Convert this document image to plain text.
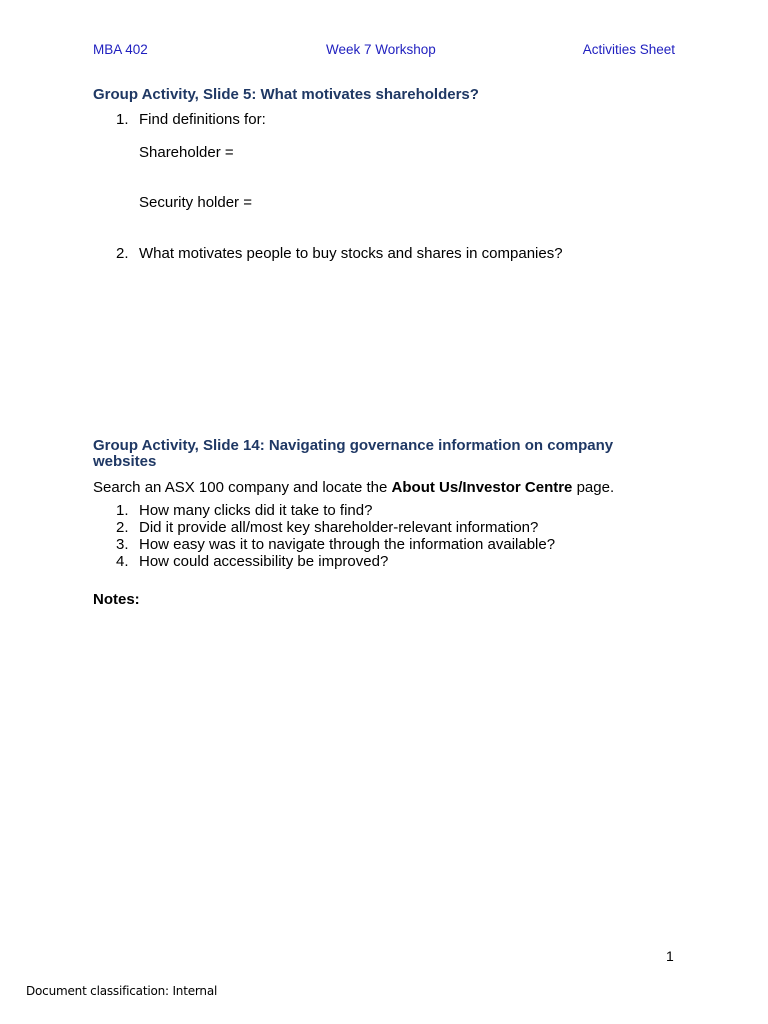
MBA 402	Week 7 Workshop	Activities Sheet
Group Activity, Slide 5: What motivates shareholders?
1. Find definitions for:
Shareholder =
Security holder =
2. What motivates people to buy stocks and shares in companies?
Group Activity, Slide 14: Navigating governance information on company websites
Search an ASX 100 company and locate the About Us/Investor Centre page.
1. How many clicks did it take to find?
2. Did it provide all/most key shareholder-relevant information?
3. How easy was it to navigate through the information available?
4. How could accessibility be improved?
Notes:
1
Document classification: Internal
